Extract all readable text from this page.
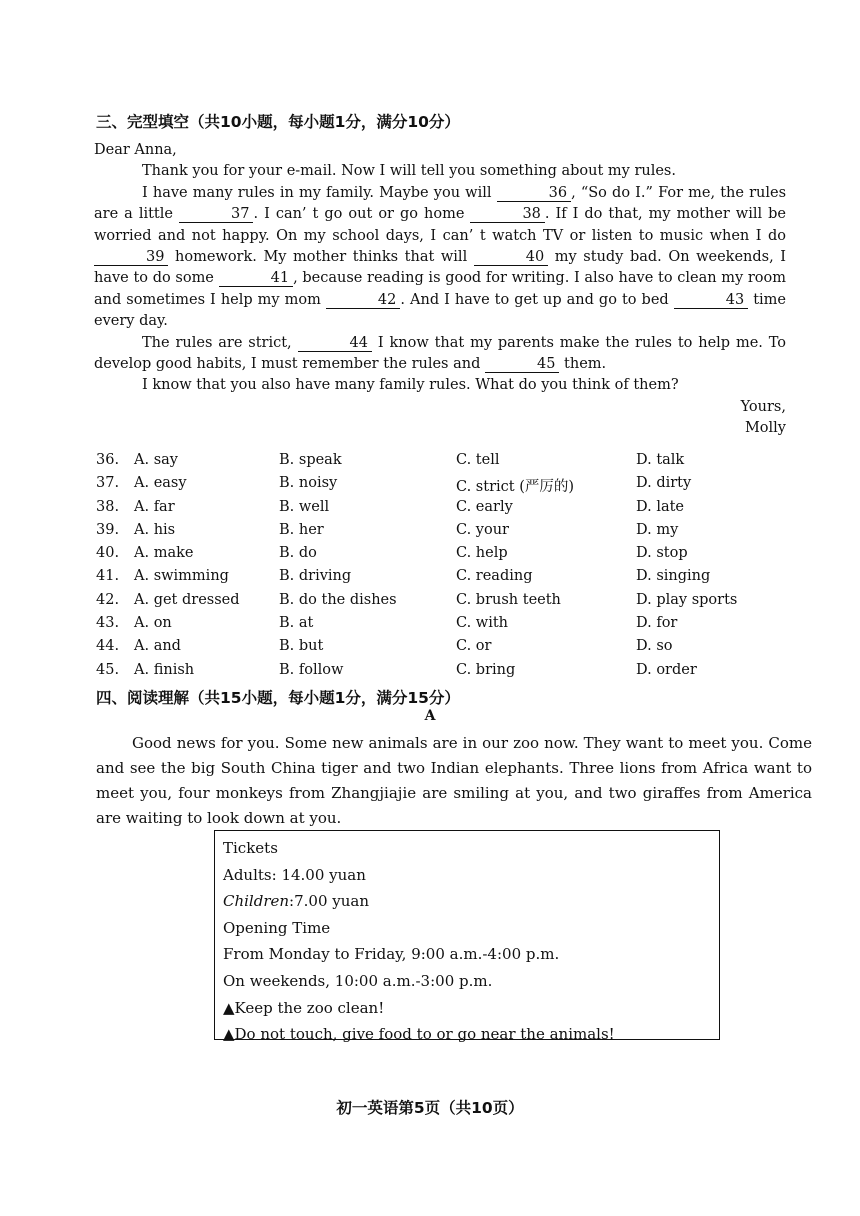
三、完型填空（共10小题，每小题1分，满分10分）

Dear Anna,

Thank you for your e-mail. Now I will tell you something about my rules.

I have many rules in my family. Maybe you will	36 , “So do I.” For me, the rules are a little	37 . I can’ t go out or go home	38 . If I do that, my mother will be worried and not happy. On my school days, I can’ t watch TV or listen to music when I do 39 homework. My mother thinks that will	40 my study bad. On weekends, I have to do some	41 , because reading is good for writing. I also have to clean my room and sometimes I help my mom	42 . And I have to get up and go to bed	43 time every day.

The rules are strict,	44 I know that my parents make the rules to help me. To develop good habits, I must remember the rules and	45 them.

I know that you also have many family rules. What do you think of them?

Yours,

Molly

36. A. say	B. speak	C. tell	D. talk
37. A. easy	B. noisy	C. strict (严厉的)	D. dirty
38. A. far	B. well	C. early	D. late
39. A. his	B. her	C. your	D. my
40. A. make	B. do	C. help	D. stop
41. A. swimming	B. driving	C. reading	D. singing
42. A. get dressed	B. do the dishes	C. brush teeth	D. play sports
43. A. on	B. at	C. with	D. for
44. A. and	B. but	C. or	D. so
45. A. finish	B. follow	C. bring	D. order
四、阅读理解（共15小题，每小题1分，满分15分）
A

Good news for you. Some new animals are in our zoo now. They want to meet you. Come and see the big South China tiger and two Indian elephants. Three lions from Africa want to meet you, four monkeys from Zhangjiajie are smiling at you, and two giraffes from America are waiting to look down at you.

Tickets
Adults: 14.00 yuan
Children:7.00 yuan
Opening Time
From Monday to Friday, 9:00 a.m.-4:00 p.m.
On weekends, 10:00 a.m.-3:00 p.m.
▲Keep the zoo clean!
▲Do not touch, give food to or go near the animals!
初一英语第5页（共10页）
